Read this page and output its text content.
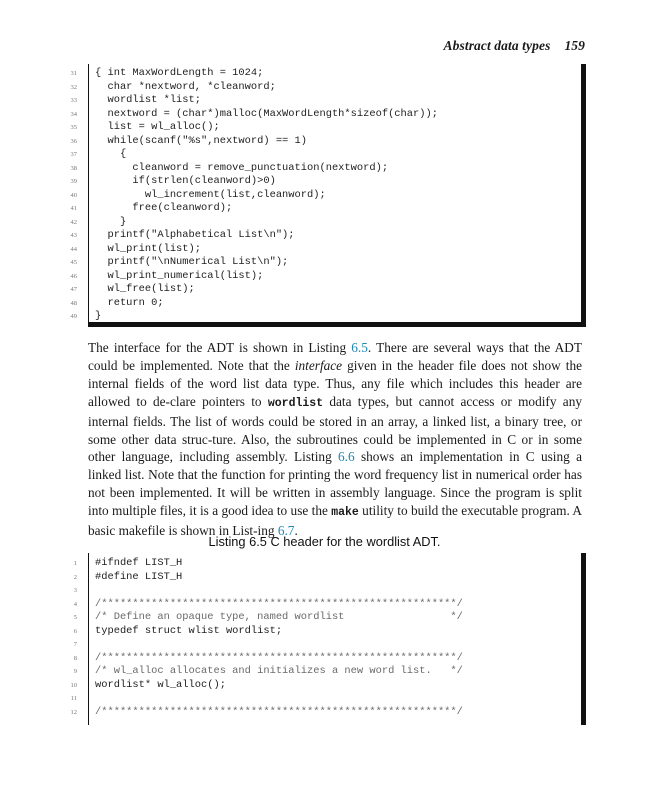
Abstract data types 159
31 { int MaxWordLength = 1024;
32 char *nextword, *cleanword;
33 wordlist *list;
34 nextword = (char*)malloc(MaxWordLength*sizeof(char));
35 list = wl_alloc();
36 while(scanf("%s",nextword) == 1)
37 {
38 cleanword = remove_punctuation(nextword);
39 if(strlen(cleanword)>0)
40 wl_increment(list,cleanword);
41 free(cleanword);
42 }
43 printf("Alphabetical List\n");
44 wl_print(list);
45 printf("\nNumerical List\n");
46 wl_print_numerical(list);
47 wl_free(list);
48 return 0;
49 }
The interface for the ADT is shown in Listing 6.5. There are several ways that the ADT could be implemented. Note that the interface given in the header file does not show the internal fields of the word list data type. Thus, any file which includes this header are allowed to de-clare pointers to wordlist data types, but cannot access or modify any internal fields. The list of words could be stored in an array, a linked list, a binary tree, or some other data struc-ture. Also, the subroutines could be implemented in C or in some other language, including assembly. Listing 6.6 shows an implementation in C using a linked list. Note that the function for printing the word frequency list in numerical order has not been implemented. It will be written in assembly language. Since the program is split into multiple files, it is a good idea to use the make utility to build the executable program. A basic makefile is shown in List-ing 6.7.
Listing 6.5 C header for the wordlist ADT.
1 #ifndef LIST_H
2 #define LIST_H
3
4 /*********************************************************/
5 /* Define an opaque type, named wordlist                 */
6 typedef struct wlist wordlist;
7
8 /*********************************************************/
9 /* wl_alloc allocates and initializes a new word list.   */
10 wordlist* wl_alloc();
11
12 /*********************************************************/
